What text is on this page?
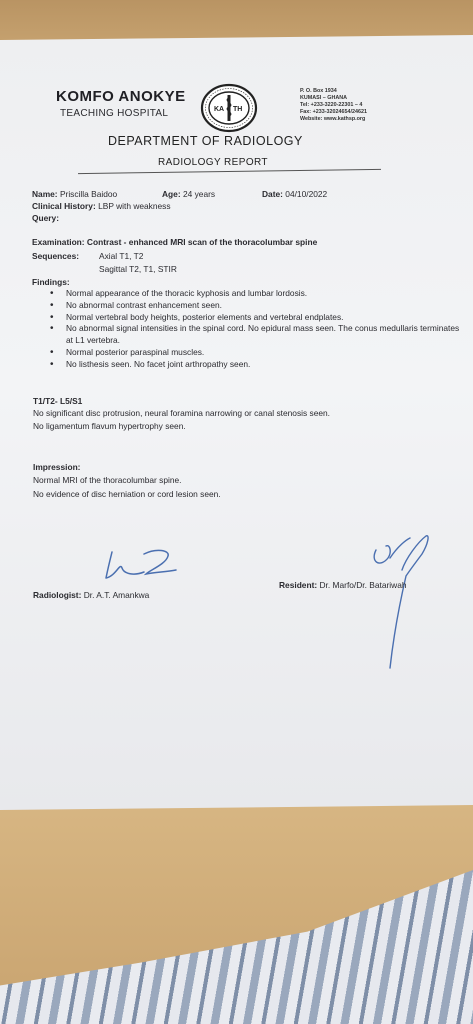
KOMFO ANOKYE
TEACHING HOSPITAL	KA TH
P. O. Box 1934
KUMASI – GHANA
Tel: +233-3220-22301 – 4
Fax: +233-32024654/24621
Website: www.kathsp.org
DEPARTMENT OF RADIOLOGY
RADIOLOGY REPORT
Name: Priscilla Baidoo	Age: 24 years	Date: 04/10/2022
Clinical History: LBP with weakness
Query:
Examination: Contrast - enhanced MRI scan of the thoracolumbar spine
Sequences: Axial T1, T2
Sagittal T2, T1, STIR
Findings:
• Normal appearance of the thoracic kyphosis and lumbar lordosis.
• No abnormal contrast enhancement seen.
• Normal vertebral body heights, posterior elements and vertebral endplates.
• No abnormal signal intensities in the spinal cord. No epidural mass seen. The conus medullaris terminates at L1 vertebra.
• Normal posterior paraspinal muscles.
• No listhesis seen. No facet joint arthropathy seen.
T1/T2- L5/S1
No significant disc protrusion, neural foramina narrowing or canal stenosis seen.
No ligamentum flavum hypertrophy seen.
Impression:
Normal MRI of the thoracolumbar spine.
No evidence of disc herniation or cord lesion seen.
Radiologist: Dr. A.T. Amankwa
Resident: Dr. Marfo/Dr. Batariwah
